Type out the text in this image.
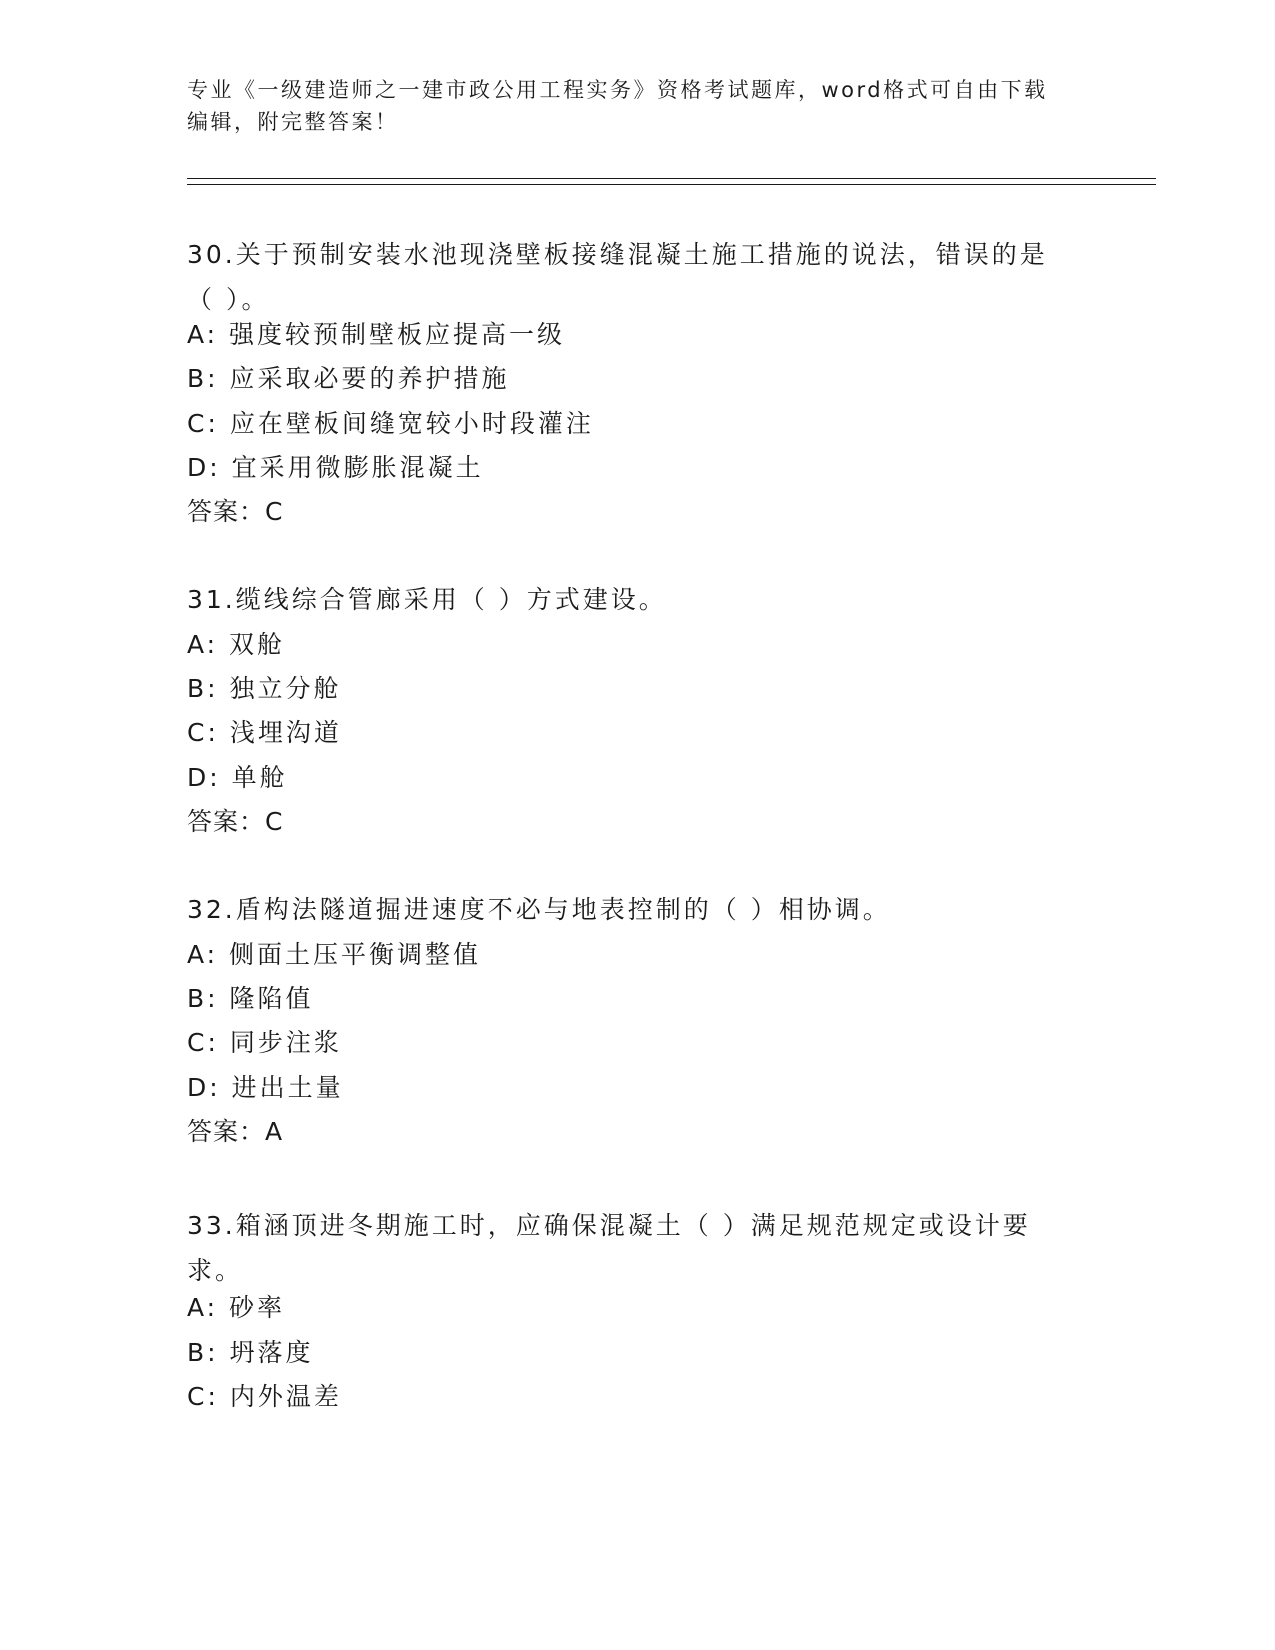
专业《一级建造师之一建市政公用工程实务》资格考试题库，word格式可自由下载编辑，附完整答案！
30.关于预制安装水池现浇壁板接缝混凝土施工措施的说法，错误的是（ ）。
A: 强度较预制壁板应提高一级
B: 应采取必要的养护措施
C: 应在壁板间缝宽较小时段灌注
D: 宜采用微膨胀混凝土
答案：C
31.缆线综合管廊采用（ ）方式建设。
A: 双舱
B: 独立分舱
C: 浅埋沟道
D: 单舱
答案：C
32.盾构法隧道掘进速度不必与地表控制的（ ）相协调。
A: 侧面土压平衡调整值
B: 隆陷值
C: 同步注浆
D: 进出土量
答案：A
33.箱涵顶进冬期施工时，应确保混凝土（ ）满足规范规定或设计要求。
A: 砂率
B: 坍落度
C: 内外温差
